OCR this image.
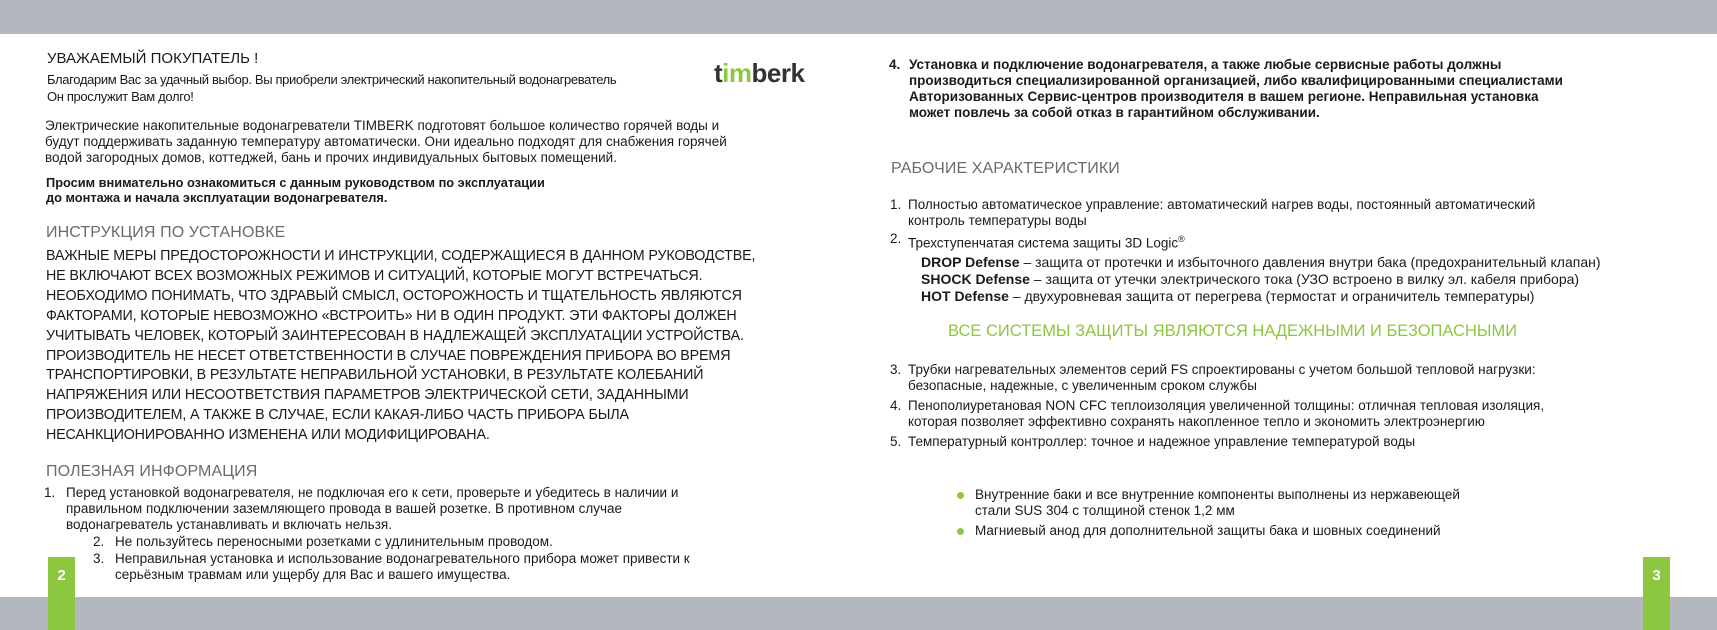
2	3
УВАЖАЕМЫЙ ПОКУПАТЕЛЬ !
Благодарим Вас за удачный выбор. Вы приобрели электрический накопительный водонагреватель	timberk
Он прослужит Вам долго!
Электрические накопительные водонагреватели TIMBERK подготовят большое количество горячей воды и
будут поддерживать заданную температуру автоматически. Они идеально подходят для снабжения горячей
водой загородных домов, коттеджей, бань и прочих индивидуальных бытовых помещений.
Просим внимательно ознакомиться с данным руководством по эксплуатации
до монтажа и начала эксплуатации водонагревателя.
ИНСТРУКЦИЯ ПО УСТАНОВКЕ
ВАЖНЫЕ МЕРЫ ПРЕДОСТОРОЖНОСТИ И ИНСТРУКЦИИ, СОДЕРЖАЩИЕСЯ В ДАННОМ РУКОВОДСТВЕ,
НЕ ВКЛЮЧАЮТ ВСЕХ ВОЗМОЖНЫХ РЕЖИМОВ И СИТУАЦИЙ, КОТОРЫЕ МОГУТ ВСТРЕЧАТЬСЯ.
НЕОБХОДИМО ПОНИМАТЬ, ЧТО ЗДРАВЫЙ СМЫСЛ, ОСТОРОЖНОСТЬ И ТЩАТЕЛЬНОСТЬ ЯВЛЯЮТСЯ
ФАКТОРАМИ, КОТОРЫЕ НЕВОЗМОЖНО «ВСТРОИТЬ» НИ В ОДИН ПРОДУКТ. ЭТИ ФАКТОРЫ ДОЛЖЕН
УЧИТЫВАТЬ ЧЕЛОВЕК, КОТОРЫЙ ЗАИНТЕРЕСОВАН В НАДЛЕЖАЩЕЙ ЭКСПЛУАТАЦИИ УСТРОЙСТВА.
ПРОИЗВОДИТЕЛЬ НЕ НЕСЕТ ОТВЕТСТВЕННОСТИ В СЛУЧАЕ ПОВРЕЖДЕНИЯ ПРИБОРА ВО ВРЕМЯ
ТРАНСПОРТИРОВКИ, В РЕЗУЛЬТАТЕ НЕПРАВИЛЬНОЙ УСТАНОВКИ, В РЕЗУЛЬТАТЕ КОЛЕБАНИЙ
НАПРЯЖЕНИЯ ИЛИ НЕСООТВЕТСТВИЯ ПАРАМЕТРОВ ЭЛЕКТРИЧЕСКОЙ СЕТИ, ЗАДАННЫМИ
ПРОИЗВОДИТЕЛЕМ, А ТАКЖЕ В СЛУЧАЕ, ЕСЛИ КАКАЯ-ЛИБО ЧАСТЬ ПРИБОРА БЫЛА
НЕСАНКЦИОНИРОВАННО ИЗМЕНЕНА ИЛИ МОДИФИЦИРОВАНА.
ПОЛЕЗНАЯ ИНФОРМАЦИЯ
1. Перед установкой водонагревателя, не подключая его к сети, проверьте и убедитесь в наличии и
правильном подключении заземляющего провода в вашей розетке. В противном случае
водонагреватель устанавливать и включать нельзя.
2. Не пользуйтесь переносными розетками с удлинительным проводом.
3. Неправильная установка и использование водонагревательного прибора может привести к
серьёзным травмам или ущербу для Вас и вашего имущества.
4. Установка и подключение водонагревателя, а также любые сервисные работы должны
производиться специализированной организацией, либо квалифицированными специалистами
Авторизованных Сервис-центров производителя в вашем регионе. Неправильная установка
может повлечь за собой отказ в гарантийном обслуживании.
РАБОЧИЕ ХАРАКТЕРИСТИКИ
1. Полностью автоматическое управление: автоматический нагрев воды, постоянный автоматический
контроль температуры воды
2. Трехступенчатая система защиты 3D Logic®
DROP Defense – защита от протечки и избыточного давления внутри бака (предохранительный клапан)
SHOCK Defense – защита от утечки электрического тока (УЗО встроено в вилку эл. кабеля прибора)
HOT Defense – двухуровневая защита от перегрева (термостат и ограничитель температуры)
ВСЕ СИСТЕМЫ ЗАЩИТЫ ЯВЛЯЮТСЯ НАДЕЖНЫМИ И БЕЗОПАСНЫМИ
3. Трубки нагревательных элементов серий FS спроектированы с учетом большой тепловой нагрузки:
безопасные, надежные, с увеличенным сроком службы
4. Пенополиуретановая NON CFC теплоизоляция увеличенной толщины: отличная тепловая изоляция,
которая позволяет эффективно сохранять накопленное тепло и экономить электроэнергию
5. Температурный контроллер: точное и надежное управление температурой воды
Внутренние баки и все внутренние компоненты выполнены из нержавеющей
стали SUS 304 с толщиной стенок 1,2 мм
Магниевый анод для дополнительной защиты бака и шовных соединений
